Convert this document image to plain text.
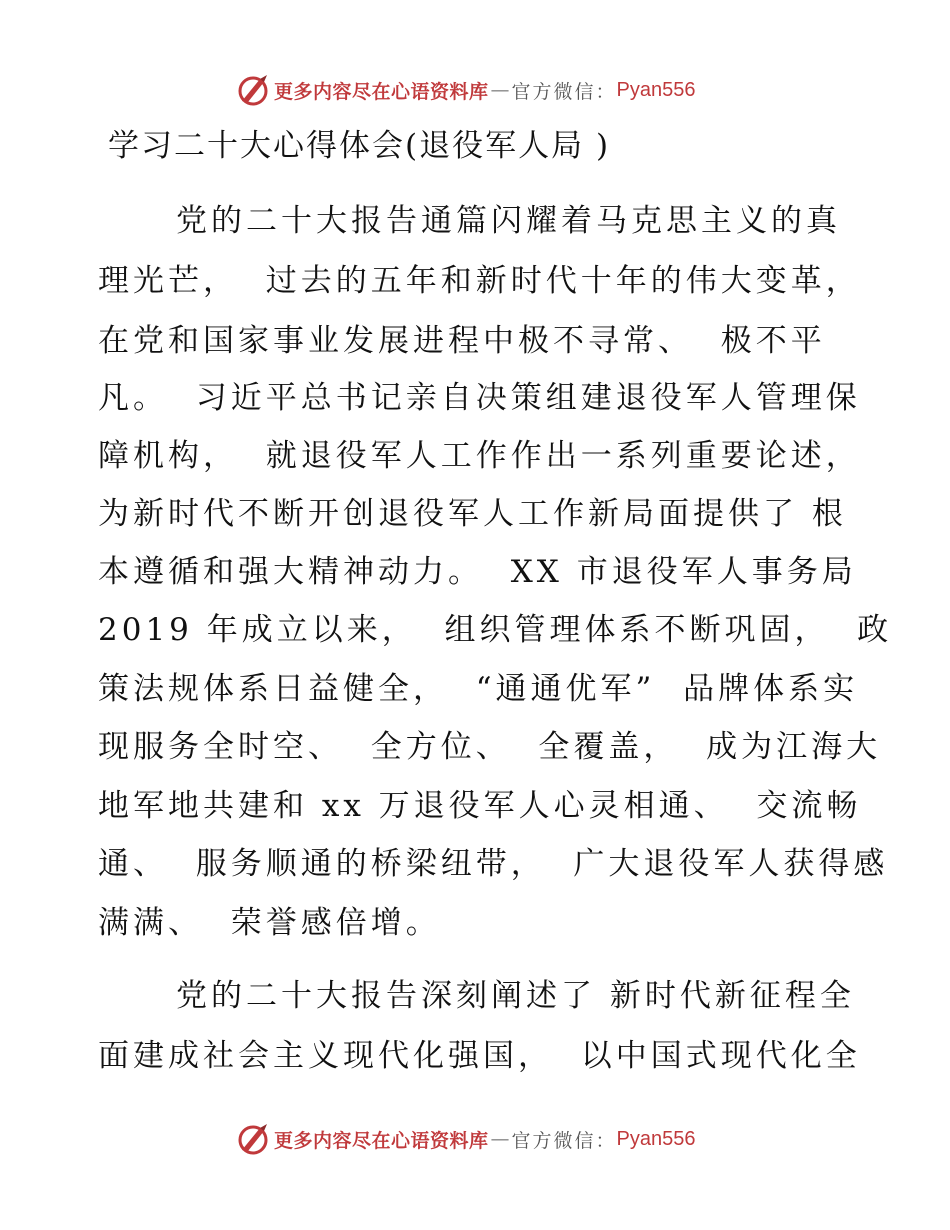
更多内容尽在心语资料库 — 官方微信： Pyan556
学习二十大心得体会(退役军人局 )
党的二十大报告通篇闪耀着马克思主义的真
理光芒，  过去的五年和新时代十年的伟大变革，
在党和国家事业发展进程中极不寻常、  极不平
凡。  习近平总书记亲自决策组建退役军人管理保
障机构，  就退役军人工作作出一系列重要论述，
为新时代不断开创退役军人工作新局面提供了 根
本遵循和强大精神动力。  XX 市退役军人事务局
2019 年成立以来，  组织管理体系不断巩固，  政
策法规体系日益健全，  “通通优军”  品牌体系实
现服务全时空、  全方位、  全覆盖，  成为江海大
地军地共建和 xx 万退役军人心灵相通、  交流畅
通、  服务顺通的桥梁纽带，  广大退役军人获得感
满满、  荣誉感倍增。
党的二十大报告深刻阐述了 新时代新征程全
面建成社会主义现代化强国，  以中国式现代化全
更多内容尽在心语资料库 — 官方微信： Pyan556
